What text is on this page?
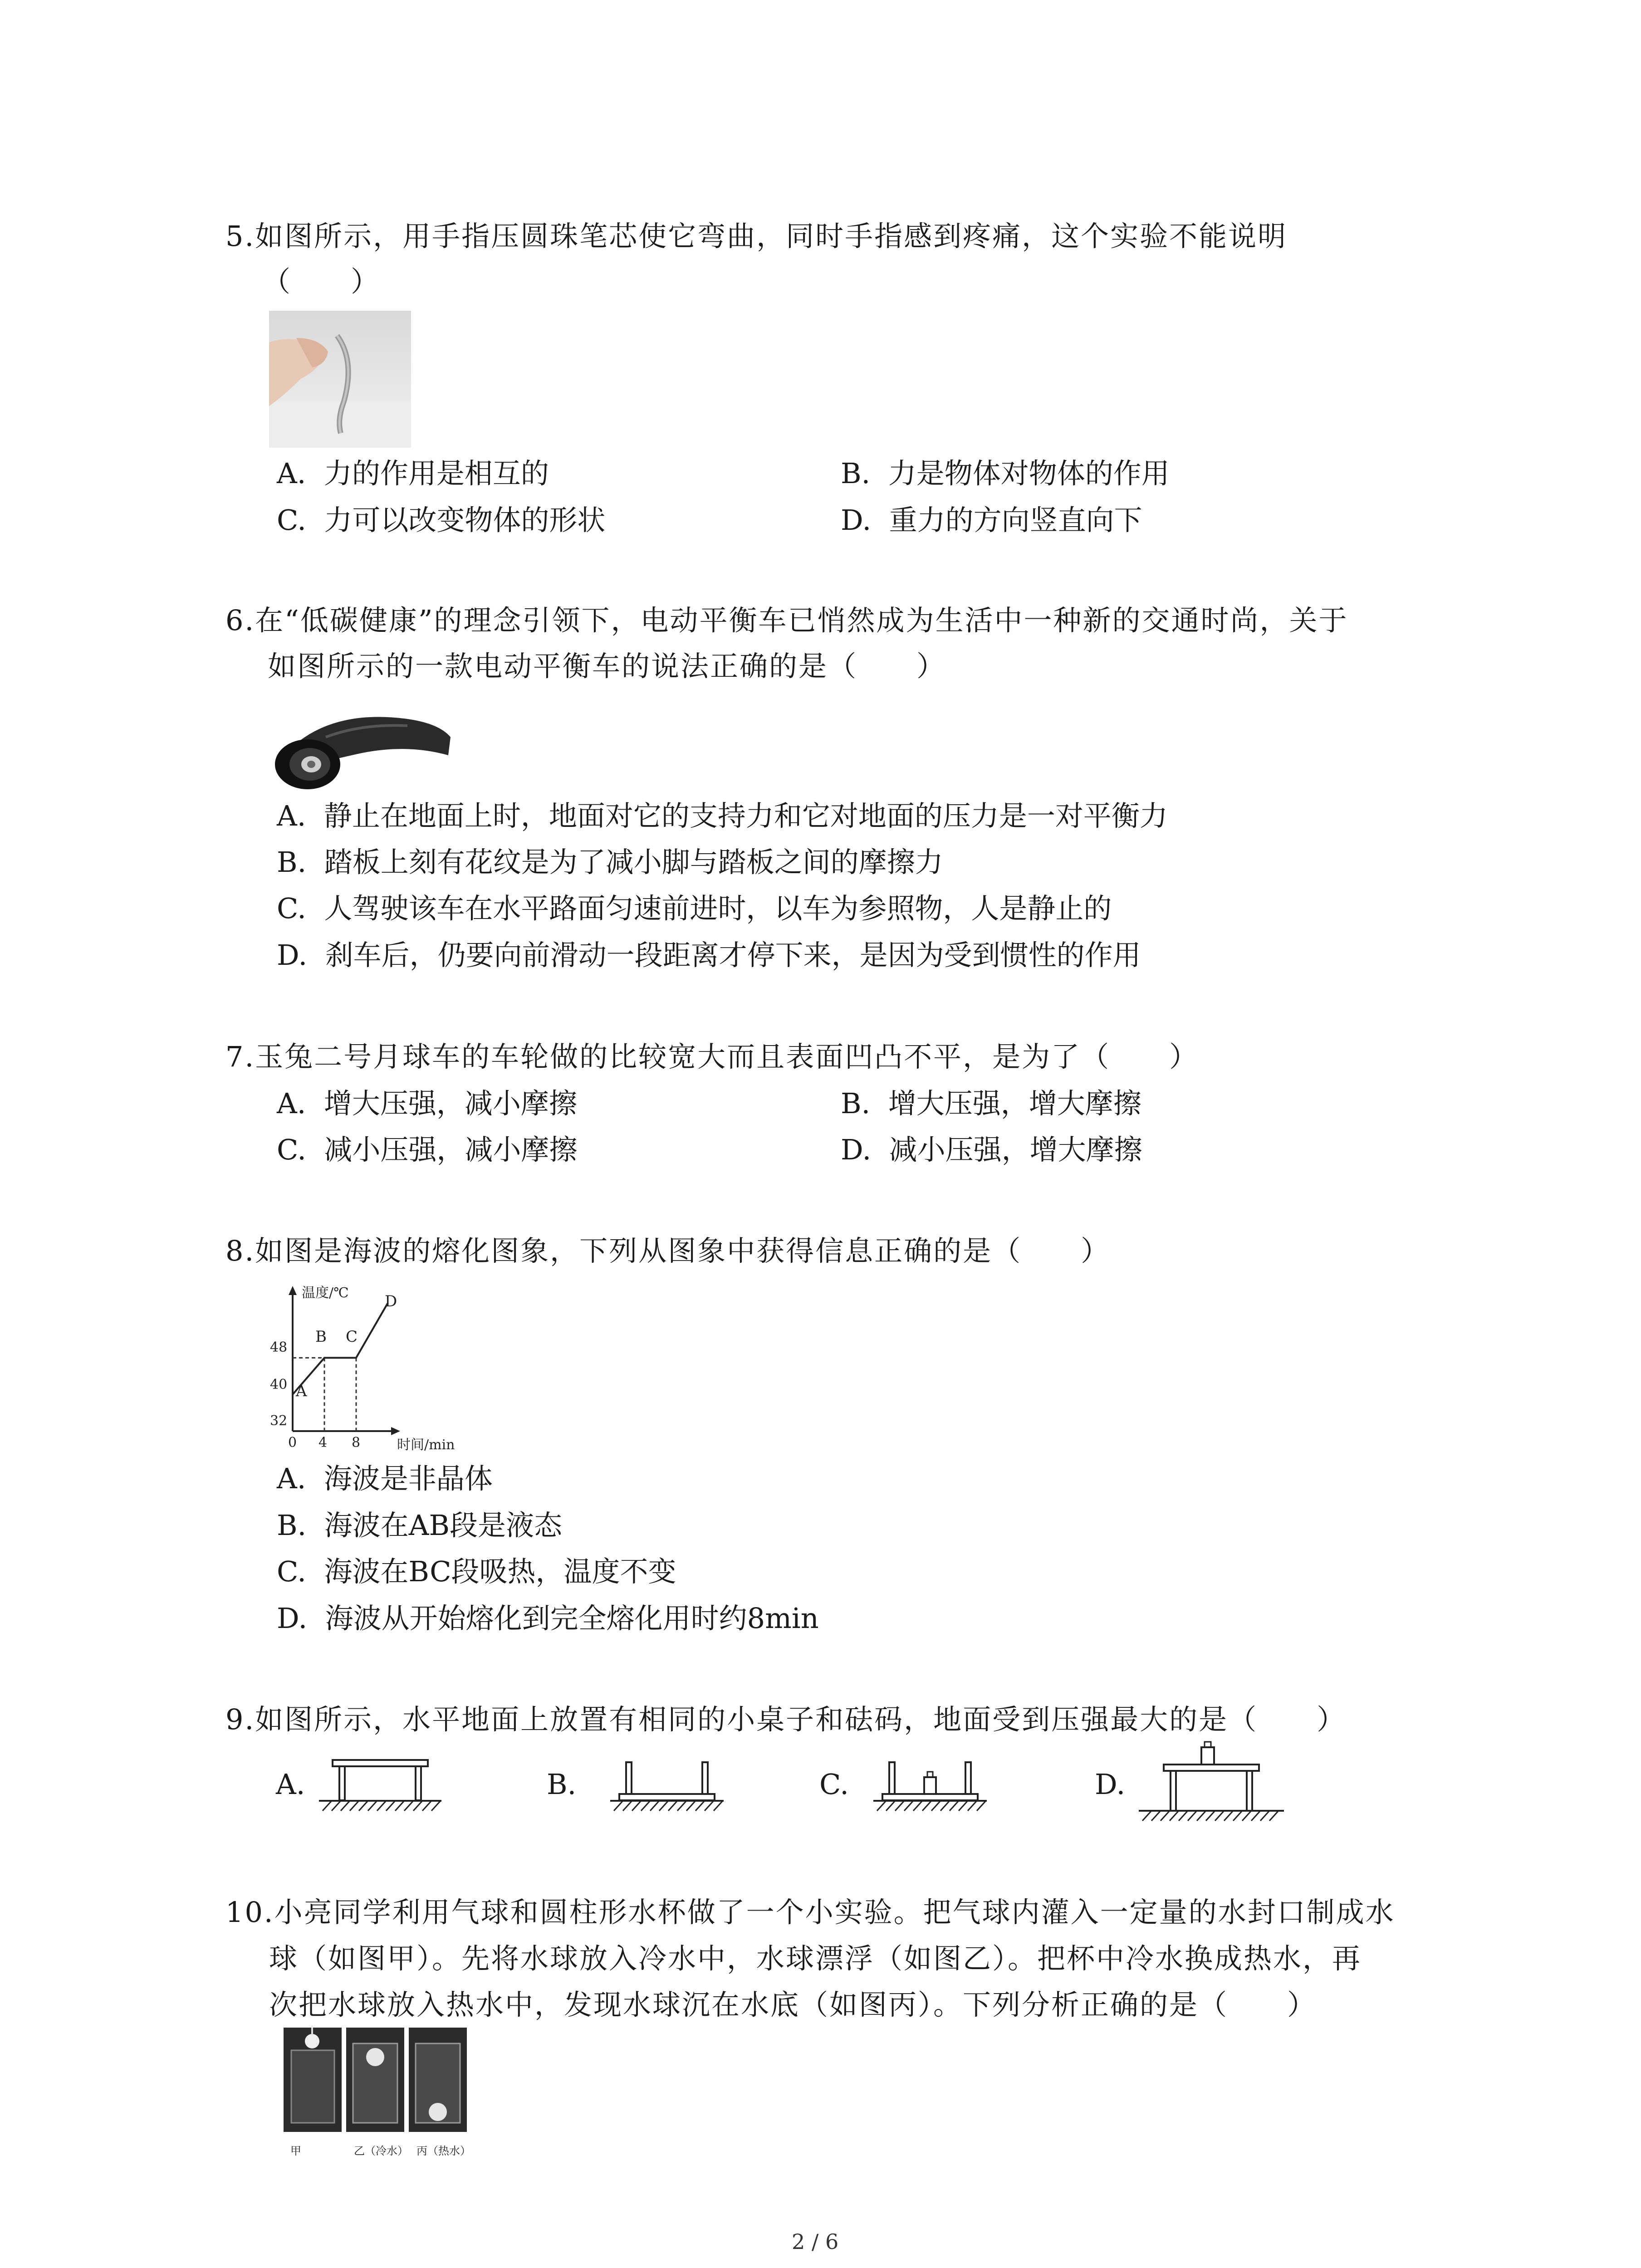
5.如图所示，用手指压圆珠笔芯使它弯曲，同时手指感到疼痛，这个实验不能说明
（　　）
A. 力的作用是相互的	B. 力是物体对物体的作用
C. 力可以改变物体的形状	D. 重力的方向竖直向下
6.在“低碳健康”的理念引领下，电动平衡车已悄然成为生活中一种新的交通时尚，关于
如图所示的一款电动平衡车的说法正确的是（　　）
A. 静止在地面上时，地面对它的支持力和它对地面的压力是一对平衡力
B. 踏板上刻有花纹是为了减小脚与踏板之间的摩擦力
C. 人驾驶该车在水平路面匀速前进时，以车为参照物，人是静止的
D. 刹车后，仍要向前滑动一段距离才停下来，是因为受到惯性的作用
7.玉兔二号月球车的车轮做的比较宽大而且表面凹凸不平，是为了（　　）
A. 增大压强，减小摩擦	B. 增大压强，增大摩擦
C. 减小压强，减小摩擦	D. 减小压强，增大摩擦
8.如图是海波的熔化图象，下列从图象中获得信息正确的是（　　）
温度/℃
时间/min
48
40
32
0 4 8
A
B C
D
A. 海波是非晶体
B. 海波在AB段是液态
C. 海波在BC段吸热，温度不变
D. 海波从开始熔化到完全熔化用时约8min
9.如图所示，水平地面上放置有相同的小桌子和砝码，地面受到压强最大的是（　　）
A.	B.	C.	D.
10.小亮同学利用气球和圆柱形水杯做了一个小实验。把气球内灌入一定量的水封口制成水
球（如图甲）。先将水球放入冷水中，水球漂浮（如图乙）。把杯中冷水换成热水，再
次把水球放入热水中，发现水球沉在水底（如图丙）。下列分析正确的是（　　）
甲	乙（冷水） 丙（热水）
2 / 6
